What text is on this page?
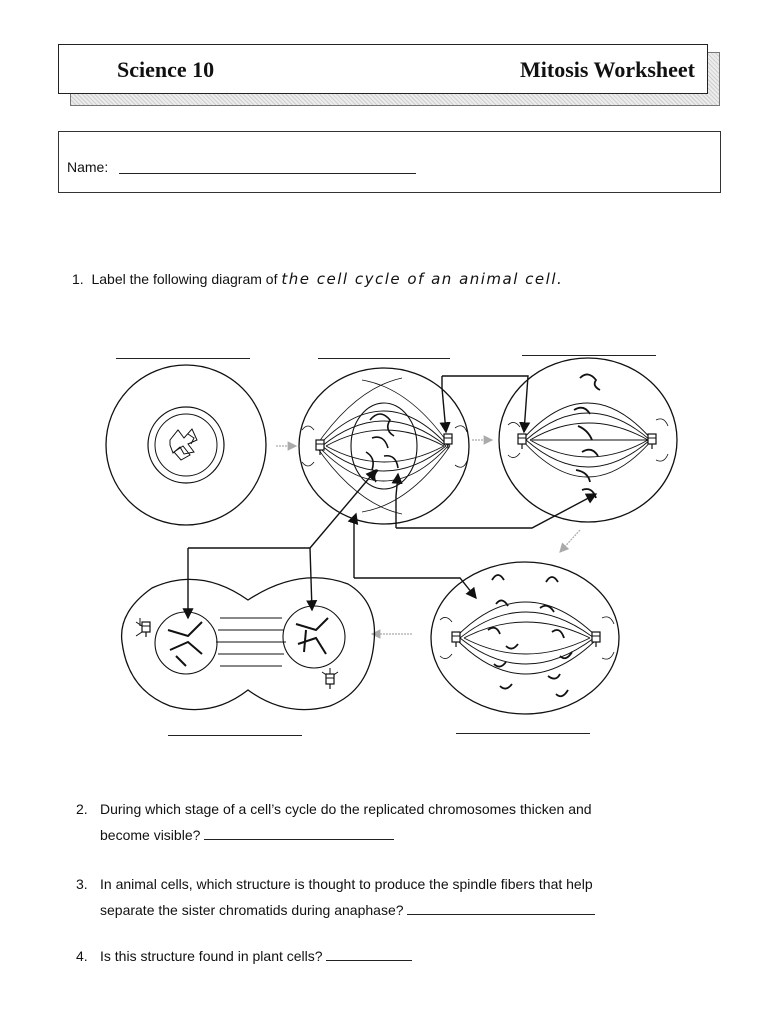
Science 10	Mitosis Worksheet
Name:
1. Label the following diagram of the cell cycle of an animal cell.
2. During which stage of a cell’s cycle do the replicated chromosomes thicken and
become visible?
3. In animal cells, which structure is thought to produce the spindle fibers that help
separate the sister chromatids during anaphase?
4. Is this structure found in plant cells?
